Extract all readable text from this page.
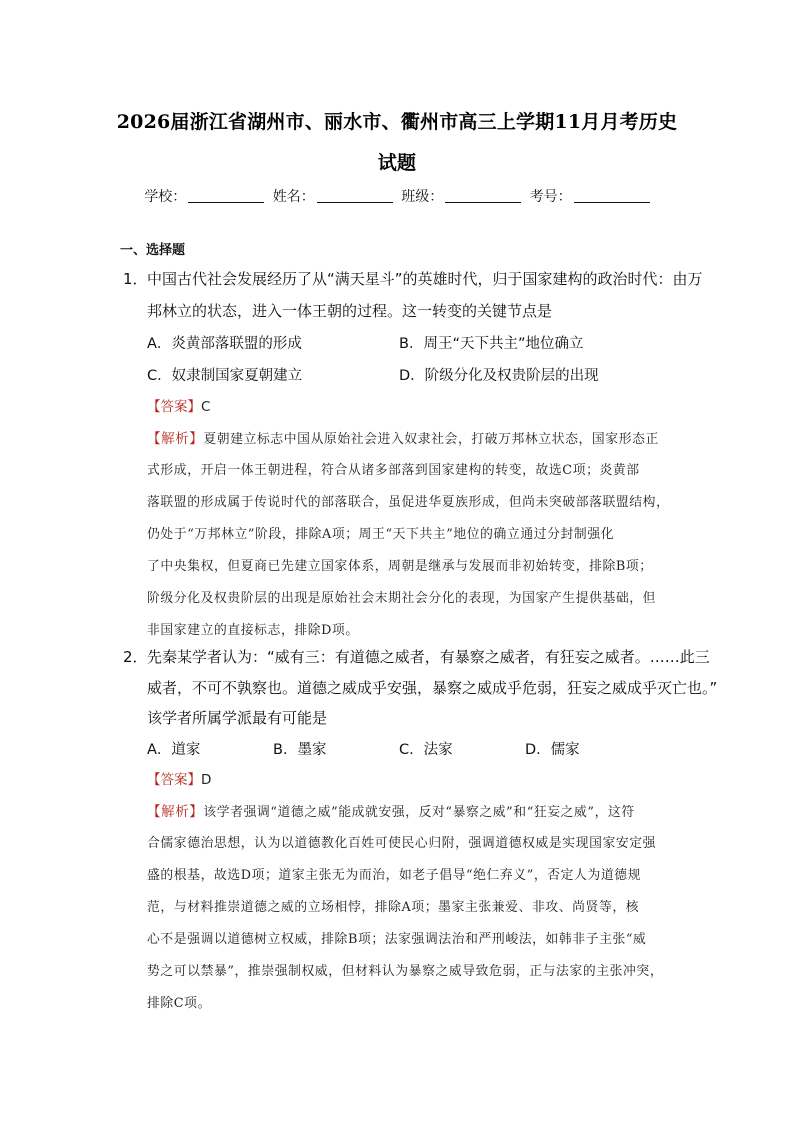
2026届浙江省湖州市、丽水市、衢州市高三上学期11月月考历史
试题
学校：	姓名：	班级：	考号：
一、选择题
1． 中国古代社会发展经历了从“满天星斗”的英雄时代，归于国家建构的政治时代：由万
邦林立的状态，进入一体王朝的过程。这一转变的关键节点是
A．炎黄部落联盟的形成	B．周王“天下共主”地位确立
C．奴隶制国家夏朝建立	D．阶级分化及权贵阶层的出现
【答案】C
【解析】夏朝建立标志中国从原始社会进入奴隶社会，打破万邦林立状态，国家形态正
式形成，开启一体王朝进程，符合从诸多部落到国家建构的转变，故选C项；炎黄部
落联盟的形成属于传说时代的部落联合，虽促进华夏族形成，但尚未突破部落联盟结构，
仍处于“万邦林立”阶段，排除A项；周王“天下共主”地位的确立通过分封制强化
了中央集权，但夏商已先建立国家体系，周朝是继承与发展而非初始转变，排除B项；
阶级分化及权贵阶层的出现是原始社会末期社会分化的表现，为国家产生提供基础，但
非国家建立的直接标志，排除D项。
2． 先秦某学者认为：“威有三：有道德之威者，有暴察之威者，有狂妄之威者。……此三
威者，不可不孰察也。道德之威成乎安强，暴察之威成乎危弱，狂妄之威成乎灭亡也。”
该学者所属学派最有可能是
A．道家	B．墨家	C．法家	D．儒家
【答案】D
【解析】该学者强调“道德之威”能成就安强，反对“暴察之威”和“狂妄之威”，这符
合儒家德治思想，认为以道德教化百姓可使民心归附，强调道德权威是实现国家安定强
盛的根基，故选D项；道家主张无为而治，如老子倡导“绝仁弃义”，否定人为道德规
范，与材料推崇道德之威的立场相悖，排除A项；墨家主张兼爱、非攻、尚贤等，核
心不是强调以道德树立权威，排除B项；法家强调法治和严刑峻法，如韩非子主张“威
势之可以禁暴”，推崇强制权威，但材料认为暴察之威导致危弱，正与法家的主张冲突，
排除C项。
